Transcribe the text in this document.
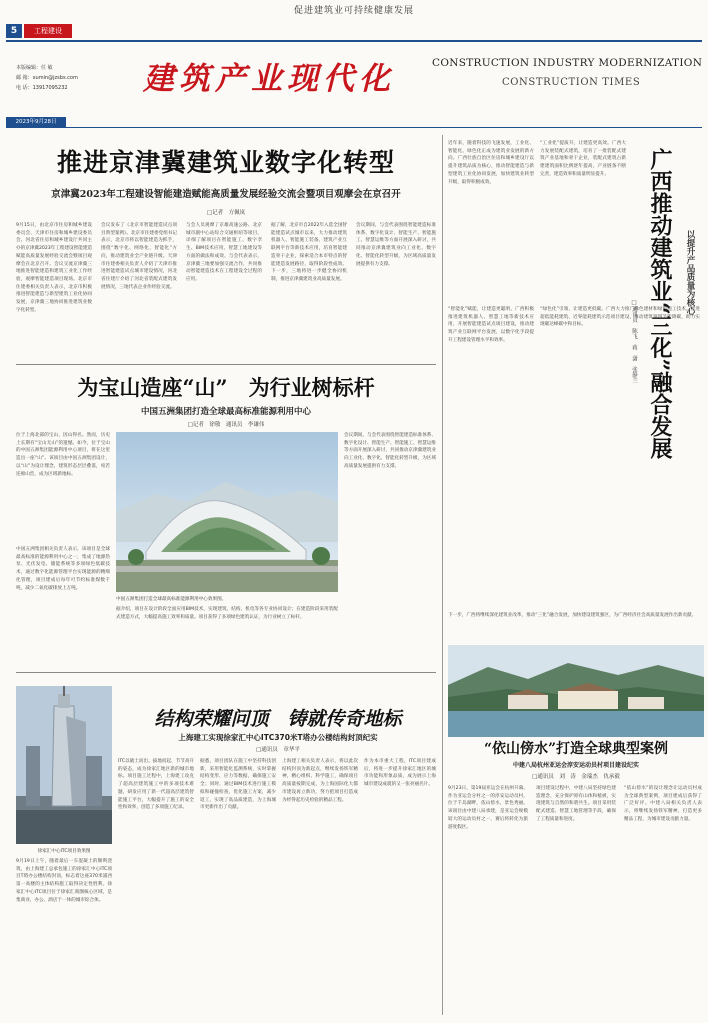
促进建筑业可持续健康发展
5	工程建设
建筑产业现代化	CONSTRUCTION INDUSTRY MODERNIZATION
CONSTRUCTION TIMES
本版编辑：任 敏
邮 箱：xumin@jzsbs.com
电 话：13917095232
2023年9月28日
推进京津冀建筑业数字化转型
京津冀2023年工程建设智能建造赋能高质量发展经验交流会暨项目观摩会在京召开
□记者　方佩岚
9月15日，由北京市住房和城乡建设委员会、天津市住房和城乡建设委员会、河北省住房和城乡建设厅共同主办的京津冀2023年工程建设智能建造赋能高质量发展经验交流会暨项目观摩会在北京召开。会议交流京津冀三地推进智能建造和建筑工业化工作经验，观摩智能建造项目现场。北京市住建委相关负责人表示，北京市积极推进智能建造与新型建筑工业化协同发展，京津冀三地协同推进建筑业数字化转型。
会议发布了《北京市智能建造试点项目典型案例》。北京市住建委党组书记表示，北京市将以智能建造为抓手，围绕“数字化、网络化、智能化”方向，推动建筑业全产业链升级。天津市住建委相关负责人介绍了天津市推进智能建造试点城市建设情况，河北省住建厅介绍了河北省装配式建筑发展情况，三地代表企业作经验交流。
与会人员观摩了京雄高速公路、北京城市副中心站综合交通枢纽等项目，详细了解项目在智能施工、数字孪生、BIM技术应用、智慧工地建设等方面的做法和成效。与会代表表示，京津冀三地要加强交流合作，共同推动智能建造技术在工程建设全过程的应用。
据了解，北京市自2022年入选全国智能建造试点城市以来，大力推动建筑机器人、智能施工装备、建筑产业互联网平台等新技术应用，培育智能建造骨干企业，探索适合本市特点的智能建造发展路径，取得阶段性成效。下一步，三地将进一步健全协同机制，推进京津冀建筑业高质量发展。
会议期间，与会代表围绕智能建造标准体系、数字化设计、智能生产、智能施工、智慧运维等方面开展深入研讨，共同推动京津冀建筑业向工业化、数字化、智能化转型升级，为区域高质量发展提供有力支撑。
为宝山造座“山”　为行业树标杆
中国五洲集团打造全球最高标准能源利用中心
□记者　徐敬　通讯员　李谦伟
位于上海北部的宝山，因山得名。然而，历史上长期有“宝山无山”的遗憾。如今，位于宝山的中国五洲集团能源利用中心项目，将在这里造出一座“山”。该项目由中国五洲集团设计，以“山”为设计理念，建筑形态层层叠落，宛若连绵山峦，成为区域新地标。
中国五洲集团相关负责人表示，该项目是全球最高标准的能源利用中心之一，集成了地源热泵、光伏发电、储能系统等多项绿色低碳技术，通过数字化能源管理平台实现能源的精细化管理，项目建成后每年可节约标准煤数千吨，减少二氧化碳排放上万吨。
中国五洲集团打造全球最高标准能源利用中心效果图。
据介绍，项目在设计阶段全面应用BIM技术，实现建筑、结构、机电等各专业协同设计；在建造阶段采用装配式建造方式，大幅提高施工效率和质量。项目获得了多项绿色建筑认证，为行业树立了标杆。
会议期间，与会代表围绕智能建造标准体系、数字化设计、智能生产、智能施工、智慧运维等方面开展深入研讨，共同推动京津冀建筑业向工业化、数字化、智能化转型升级，为区域高质量发展提供有力支撑。
结构荣耀问顶　铸就传奇地标
上海建工实现徐家汇中心ITC370米T塔办公楼结构封顶纪实
□通讯员　章华平
徐家汇中心ITC项目效果图
9月19日上午，随着最后一车混凝土的顺利浇筑，由上海建工总承包施工的徐家汇中心ITC项目T塔办公楼结构封顶，标志着这座370米浦西第一高楼的主体结构施工取得决定性胜利。徐家汇中心ITC项目位于徐家汇商圈核心区域，是集商业、办公、酒店于一体的城市综合体。
ITC以破土而出、拔地而起、节节高升的姿态，成为徐家汇地区新的城市地标。项目施工过程中，上海建工攻克了超高层建筑施工中的多项技术难题，研发应用了新一代超高层建筑智能施工平台，大幅提升了施工的安全性和效率，创造了多项施工纪录。
据悉，项目团队在施工中坚持科技创新，采用智能化监测系统，实时掌握结构变形、应力等数据，确保施工安全；同时，通过BIM技术进行施工模拟和碰撞检查，优化施工方案，减少返工，实现了高品质建造，为上海城市更新作出了贡献。
上海建工相关负责人表示，将以此次结构封顶为新起点，继续发扬铁军精神，精心组织、科学施工，确保项目高质量按期完成，为上海国际化大都市建设再立新功，努力把项目打造成为经得起历史检验的精品工程。
作为本市重大工程，ITC项目建成后，将进一步提升徐家汇地区的城市功能和形象品质，成为展示上海城市建设成就的又一张亮丽名片。
近年来，随着科技的飞速发展，工业化、智能化、绿色化正成为建筑业发展的新方向。广西壮族自治区住房和城乡建设厅以提升建筑品质为核心，推动智能建造与新型建筑工业化协同发展，加快建筑业转型升级，取得积极成效。
“工业化”提质升，让建造更高效。广西大力发展装配式建筑，培育了一批装配式建筑产业基地和骨干企业，装配式建筑占新建建筑面积比例逐年提高，产业链条不断完善，建造效率和质量明显提升。	广西推动建筑业“三化”融合发展	以提升产品质量为核心
□通讯员　陈飞　蒋　潇　张静兰
“智能化”赋能，让建造更聪明。广西积极推进建筑机器人、智慧工地等新技术应用，开展智能建造试点项目建设，推动建筑产业互联网平台发展，以数字化手段提升工程建设管理水平和效率。
“绿色化”引领，让建造更低碳。广西大力推广绿色建材和绿色施工技术，推进超低能耗建筑、近零能耗建筑示范项目建设，推动建筑领域节能降碳，助力实现碳达峰碳中和目标。
下一步，广西将继续深化建筑业改革，推动“三化”融合发展，加快建设建筑强区，为广西经济社会高质量发展作出新贡献。
“依山傍水”打造全球典型案例
中建八局杭州亚运会淳安运动员村项目建设纪实
□通讯员　刘　涛　金瑞杰　仇承毅
9月23日，第19届亚运会在杭州开幕。作为亚运会分村之一的淳安运动员村，位于千岛湖畔，依山傍水，景色秀丽。该项目由中建八局承建，是亚运会规模较大的运动员村之一，赛后将转化为旅游度假区。
项目建设过程中，中建八局坚持绿色建造理念，充分保护原有山体和植被，实现建筑与自然的和谐共生。项目采用装配式建造、智慧工地管理等手段，确保了工程质量和进度。
“依山傍水”的设计理念让运动员村成为全球典型案例，项目建成后获得了广泛好评。中建八局相关负责人表示，将继续发扬铁军精神，打造更多精品工程，为城市建设贡献力量。
